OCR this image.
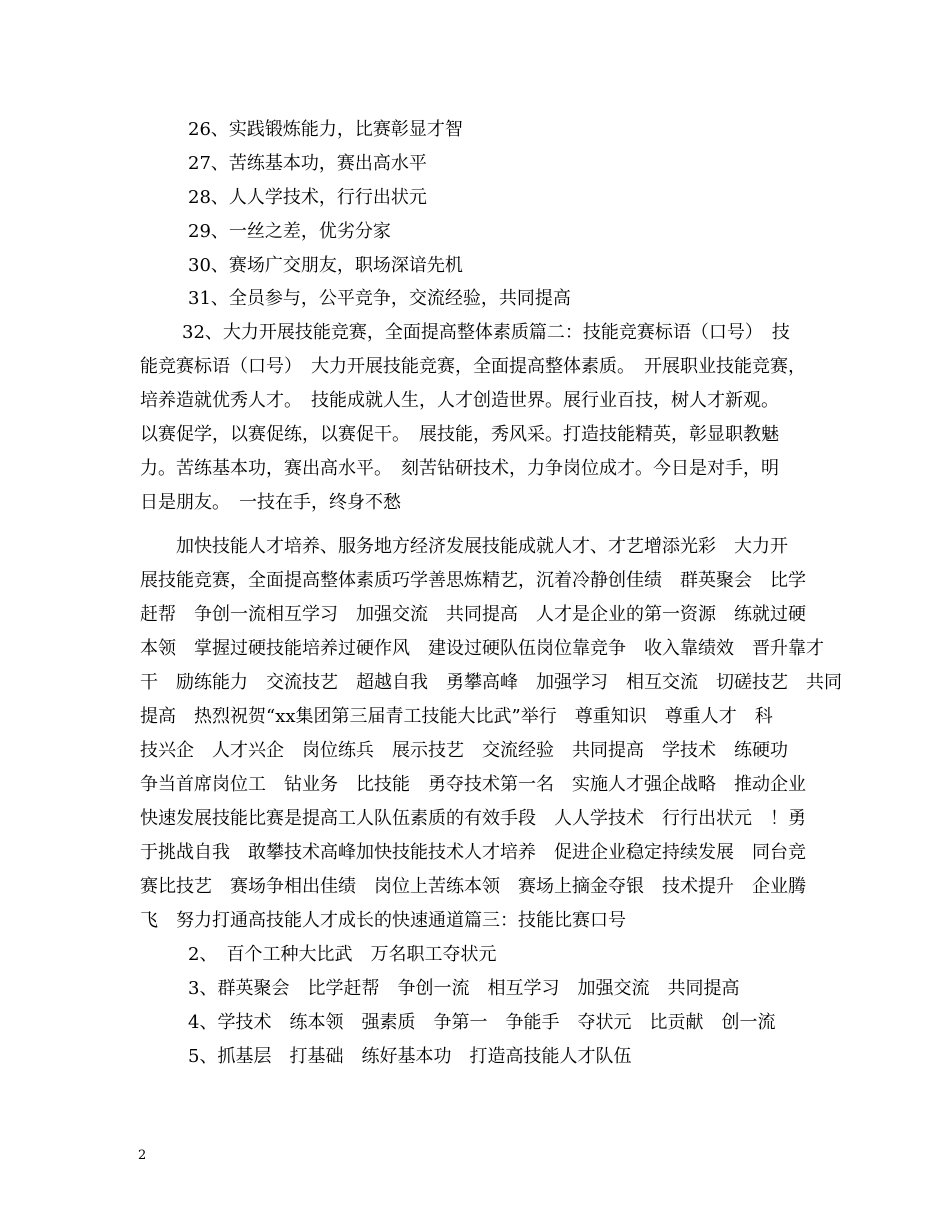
26、实践锻炼能力，比赛彰显才智
27、苦练基本功，赛出高水平
28、人人学技术，行行出状元
29、一丝之差，优劣分家
30、赛场广交朋友，职场深谙先机
31、全员参与，公平竞争，交流经验，共同提高
32、大力开展技能竞赛，全面提高整体素质篇二：技能竞赛标语（口号）　技
能竞赛标语（口号）　大力开展技能竞赛，全面提高整体素质。　开展职业技能竞赛，
培养造就优秀人才。　技能成就人生，人才创造世界。展行业百技，树人才新观。
以赛促学，以赛促练，以赛促干。　展技能，秀风采。打造技能精英，彰显职教魅
力。苦练基本功，赛出高水平。　刻苦钻研技术，力争岗位成才。今日是对手，明
日是朋友。　一技在手，终身不愁
加快技能人才培养、服务地方经济发展技能成就人才、才艺增添光彩　大力开
展技能竞赛，全面提高整体素质巧学善思炼精艺，沉着冷静创佳绩　群英聚会　比学
赶帮　争创一流相互学习　加强交流　共同提高　人才是企业的第一资源　练就过硬
本领　掌握过硬技能培养过硬作风　建设过硬队伍岗位靠竞争　收入靠绩效　晋升靠才
干　励练能力　交流技艺　超越自我　勇攀高峰　加强学习　相互交流　切磋技艺　共同
提高　热烈祝贺“xx集团第三届青工技能大比武”举行　尊重知识　尊重人才　科
技兴企　人才兴企　岗位练兵　展示技艺　交流经验　共同提高　学技术　练硬功
争当首席岗位工　钻业务　比技能　勇夺技术第一名　实施人才强企战略　推动企业
快速发展技能比赛是提高工人队伍素质的有效手段　人人学技术　行行出状元　！勇
于挑战自我　敢攀技术高峰加快技能技术人才培养　促进企业稳定持续发展　同台竞
赛比技艺　赛场争相出佳绩　岗位上苦练本领　赛场上摘金夺银　技术提升　企业腾
飞　努力打通高技能人才成长的快速通道篇三：技能比赛口号
2、　百个工种大比武　万名职工夺状元
3、群英聚会　比学赶帮　争创一流　相互学习　加强交流　共同提高
4、学技术　练本领　强素质　争第一　争能手　夺状元　比贡献　创一流
5、抓基层　打基础　练好基本功　打造高技能人才队伍
2
